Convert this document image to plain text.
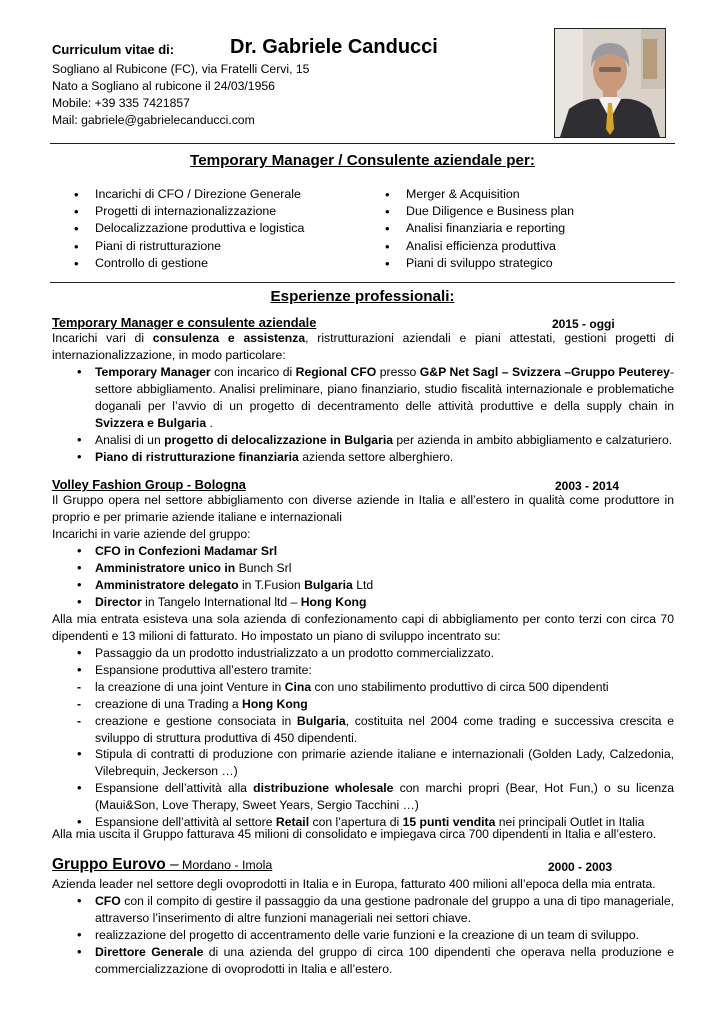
Curriculum vitae di:	Dr. Gabriele Canducci
Sogliano al Rubicone (FC), via Fratelli Cervi, 15
Nato a Sogliano al rubicone il 24/03/1956
Mobile: +39 335 7421857
Mail: gabriele@gabrielecanducci.com
Temporary Manager / Consulente aziendale per:
• Incarichi di CFO / Direzione Generale
• Progetti di internazionalizzazione
• Delocalizzazione produttiva e logistica
• Piani di ristrutturazione
• Controllo di gestione
• Merger & Acquisition
• Due Diligence e Business plan
• Analisi finanziaria e reporting
• Analisi efficienza produttiva
• Piani di sviluppo strategico
Esperienze professionali:
Temporary Manager e consulente aziendale	2015 - oggi
Incarichi vari di consulenza e assistenza, ristrutturazioni aziendali e piani attestati, gestioni progetti di internazionalizzazione, in modo particolare:
• Temporary Manager con incarico di Regional CFO presso G&P Net Sagl – Svizzera –Gruppo Peuterey-settore abbigliamento. Analisi preliminare, piano finanziario, studio fiscalità internazionale e problematiche doganali per l’avvio di un progetto di decentramento delle attività produttive e della supply chain in Svizzera e Bulgaria .
• Analisi di un progetto di delocalizzazione in Bulgaria per azienda in ambito abbigliamento e calzaturiero.
• Piano di ristrutturazione finanziaria azienda settore alberghiero.
Volley Fashion Group - Bologna	2003 - 2014
Il Gruppo opera nel settore abbigliamento con diverse aziende in Italia e all’estero in qualità come produttore in proprio e per primarie aziende italiane e internazionali
Incarichi in varie aziende del gruppo:
• CFO in Confezioni Madamar Srl
• Amministratore unico in Bunch Srl
• Amministratore delegato in T.Fusion Bulgaria Ltd
• Director in Tangelo International ltd – Hong Kong
Alla mia entrata esisteva una sola azienda di confezionamento capi di abbigliamento per conto terzi con circa 70 dipendenti e 13 milioni di fatturato. Ho impostato un piano di sviluppo incentrato su:
• Passaggio da un prodotto industrializzato a un prodotto commercializzato.
• Espansione produttiva all’estero tramite:
- la creazione di una joint Venture in Cina con uno stabilimento produttivo di circa 500 dipendenti
- creazione di una Trading a Hong Kong
- creazione e gestione consociata in Bulgaria, costituita nel 2004 come trading e successiva crescita e sviluppo di struttura produttiva di 450 dipendenti.
• Stipula di contratti di produzione con primarie aziende italiane e internazionali (Golden Lady, Calzedonia, Vilebrequin, Jeckerson …)
• Espansione dell’attività alla distribuzione wholesale con marchi propri (Bear, Hot Fun,) o su licenza (Maui&Son, Love Therapy, Sweet Years, Sergio Tacchini …)
• Espansione dell’attività al settore Retail con l’apertura di 15 punti vendita nei principali Outlet in Italia
Alla mia uscita il Gruppo fatturava 45 milioni di consolidato e impiegava circa 700 dipendenti in Italia e all’estero.
Gruppo Eurovo – Mordano - Imola	2000 - 2003
Azienda leader nel settore degli ovoprodotti in Italia e in Europa, fatturato 400 milioni all’epoca della mia entrata.
• CFO con il compito di gestire il passaggio da una gestione padronale del gruppo a una di tipo manageriale, attraverso l’inserimento di altre funzioni manageriali nei settori chiave.
• realizzazione del progetto di accentramento delle varie funzioni e la creazione di un team di sviluppo.
• Direttore Generale di una azienda del gruppo di circa 100 dipendenti che operava nella produzione e commercializzazione di ovoprodotti in Italia e all’estero.
